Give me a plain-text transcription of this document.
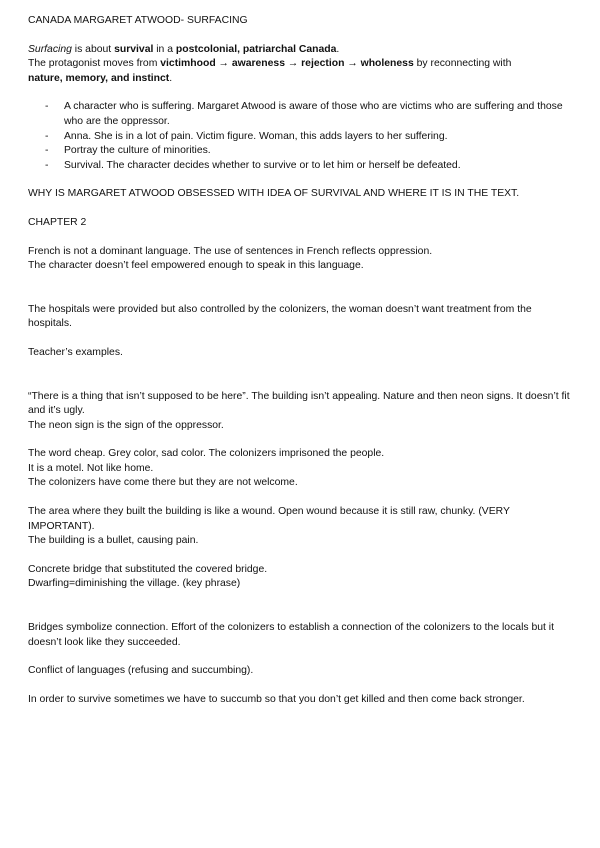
CANADA MARGARET ATWOOD- SURFACING

Surfacing is about survival in a postcolonial, patriarchal Canada.

The protagonist moves from victimhood → awareness → rejection → wholeness by reconnecting with
nature, memory, and instinct.

- A character who is suffering. Margaret Atwood is aware of those who are victims who are suffering and those who are the oppressor.
- Anna. She is in a lot of pain. Victim figure. Woman, this adds layers to her suffering.
- Portray the culture of minorities.
- Survival. The character decides whether to survive or to let him or herself be defeated.

WHY IS MARGARET ATWOOD OBSESSED WITH IDEA OF SURVIVAL AND WHERE IT IS IN THE TEXT.

CHAPTER 2

French is not a dominant language. The use of sentences in French reflects oppression.

The character doesn’t feel empowered enough to speak in this language.

The hospitals were provided but also controlled by the colonizers, the woman doesn’t want treatment from the hospitals.

Teacher’s examples.

“There is a thing that isn’t supposed to be here”. The building isn’t appealing. Nature and then neon signs. It doesn’t fit and it’s ugly.

The neon sign is the sign of the oppressor.

The word cheap. Grey color, sad color. The colonizers imprisoned the people.

It is a motel. Not like home.

The colonizers have come there but they are not welcome.

The area where they built the building is like a wound. Open wound because it is still raw, chunky. (VERY IMPORTANT).

The building is a bullet, causing pain.

Concrete bridge that substituted the covered bridge.

Dwarfing=diminishing the village. (key phrase)

Bridges symbolize connection. Effort of the colonizers to establish a connection of the colonizers to the locals but it doesn’t look like they succeeded.

Conflict of languages (refusing and succumbing).

In order to survive sometimes we have to succumb so that you don’t get killed and then come back stronger.
